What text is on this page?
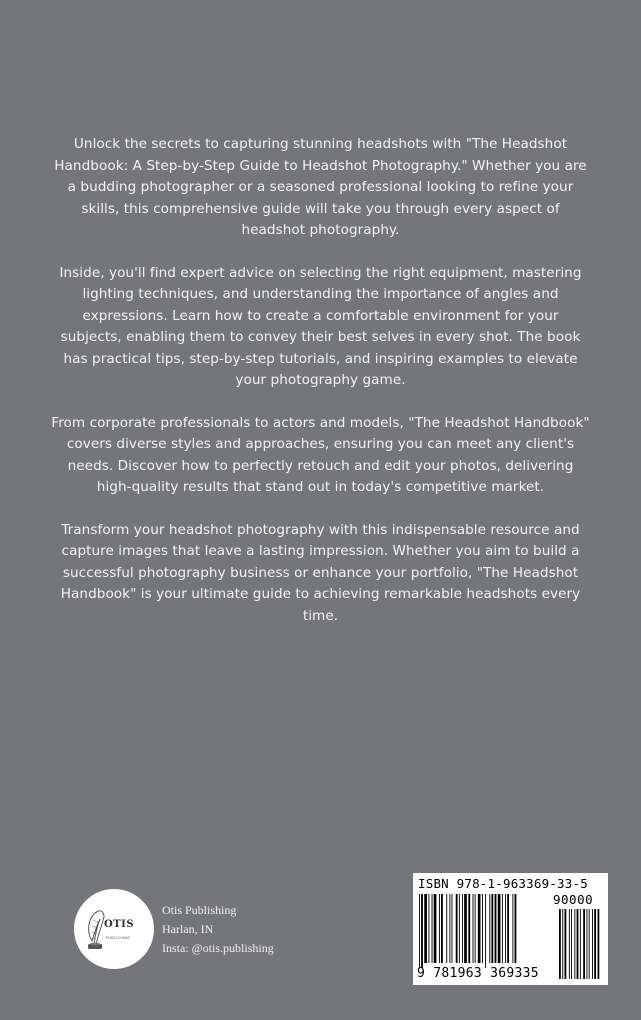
Unlock the secrets to capturing stunning headshots with "The Headshot Handbook: A Step-by-Step Guide to Headshot Photography." Whether you are a budding photographer or a seasoned professional looking to refine your skills, this comprehensive guide will take you through every aspect of headshot photography.

Inside, you'll find expert advice on selecting the right equipment, mastering lighting techniques, and understanding the importance of angles and expressions. Learn how to create a comfortable environment for your subjects, enabling them to convey their best selves in every shot. The book has practical tips, step-by-step tutorials, and inspiring examples to elevate your photography game.

From corporate professionals to actors and models, "The Headshot Handbook" covers diverse styles and approaches, ensuring you can meet any client's needs. Discover how to perfectly retouch and edit your photos, delivering high-quality results that stand out in today's competitive market.

Transform your headshot photography with this indispensable resource and capture images that leave a lasting impression. Whether you aim to build a successful photography business or enhance your portfolio, "The Headshot Handbook" is your ultimate guide to achieving remarkable headshots every time.

OTIS
PUBLISHING
Otis Publishing
Harlan, IN
Insta: @otis.publishing
ISBN 978-1-963369-33-5
90000
9 781963 369335
